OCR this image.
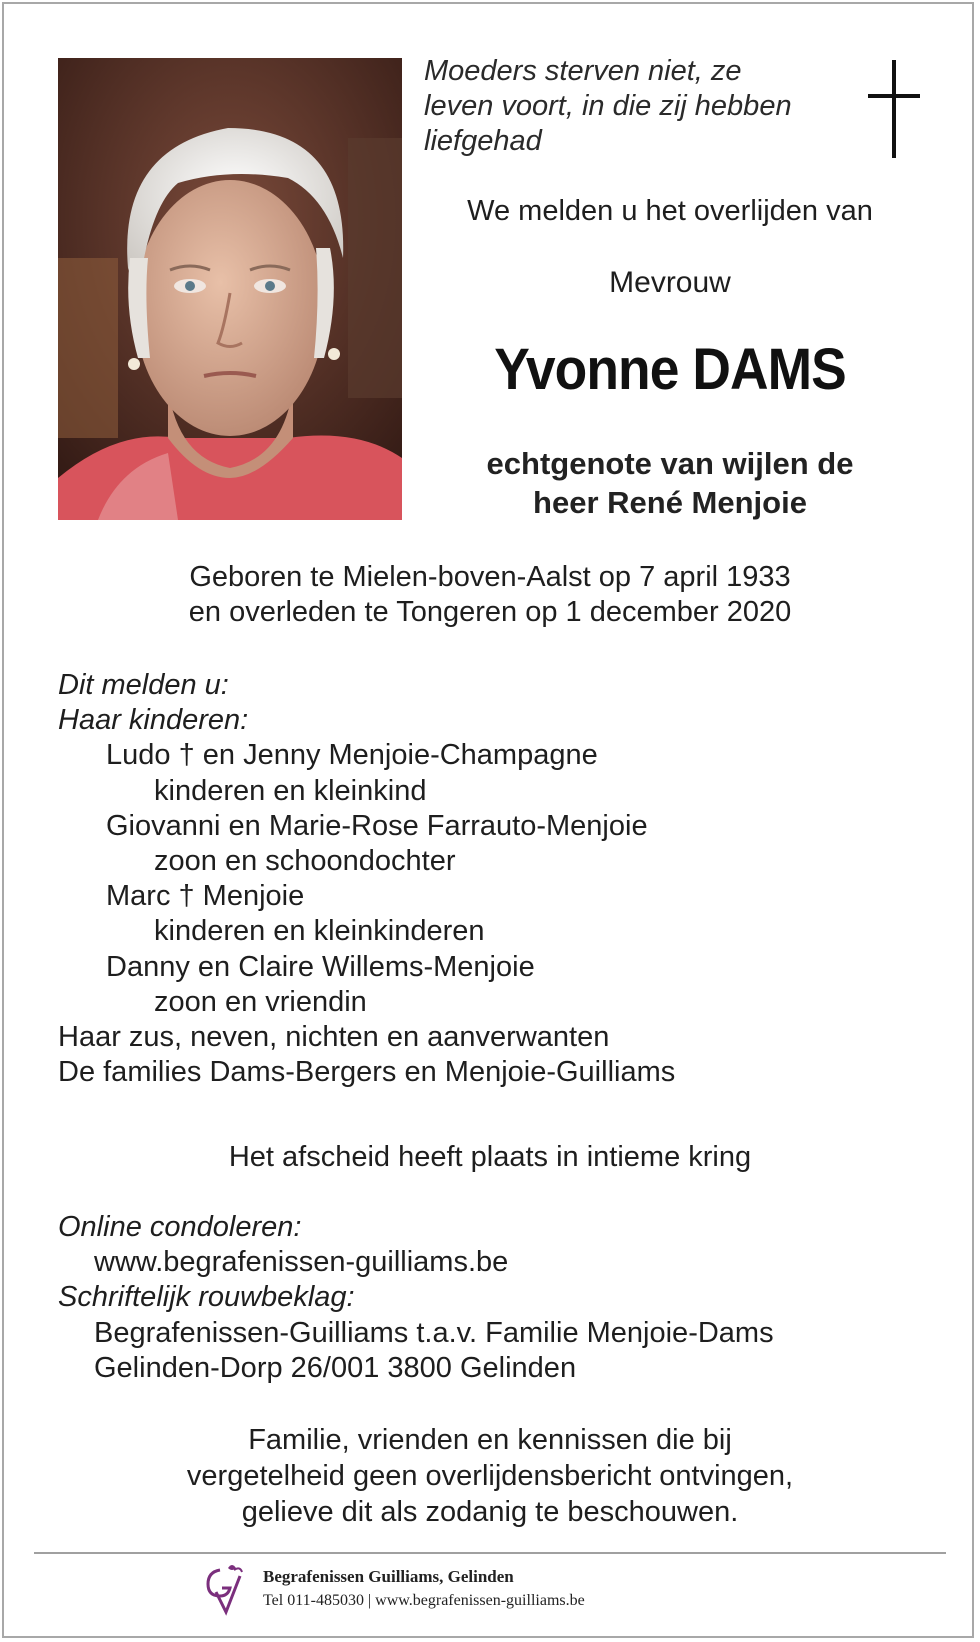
Moeders sterven niet, ze
leven voort, in die zij hebben
liefgehad

We melden u het overlijden van

Mevrouw

Yvonne DAMS

echtgenote van wijlen de
heer René Menjoie

Geboren te Mielen-boven-Aalst op 7 april 1933
en overleden te Tongeren op 1 december 2020

Dit melden u:
Haar kinderen:
Ludo † en Jenny Menjoie-Champagne
kinderen en kleinkind
Giovanni en Marie-Rose Farrauto-Menjoie
zoon en schoondochter
Marc † Menjoie
kinderen en kleinkinderen
Danny en Claire Willems-Menjoie
zoon en vriendin
Haar zus, neven, nichten en aanverwanten
De families Dams-Bergers en Menjoie-Guilliams

Het afscheid heeft plaats in intieme kring

Online condoleren:
www.begrafenissen-guilliams.be
Schriftelijk rouwbeklag:
Begrafenissen-Guilliams t.a.v. Familie Menjoie-Dams
Gelinden-Dorp 26/001 3800 Gelinden

Familie, vrienden en kennissen die bij
vergetelheid geen overlijdensbericht ontvingen,
gelieve dit als zodanig te beschouwen.

Begrafenissen Guilliams, Gelinden
Tel 011-485030 | www.begrafenissen-guilliams.be
